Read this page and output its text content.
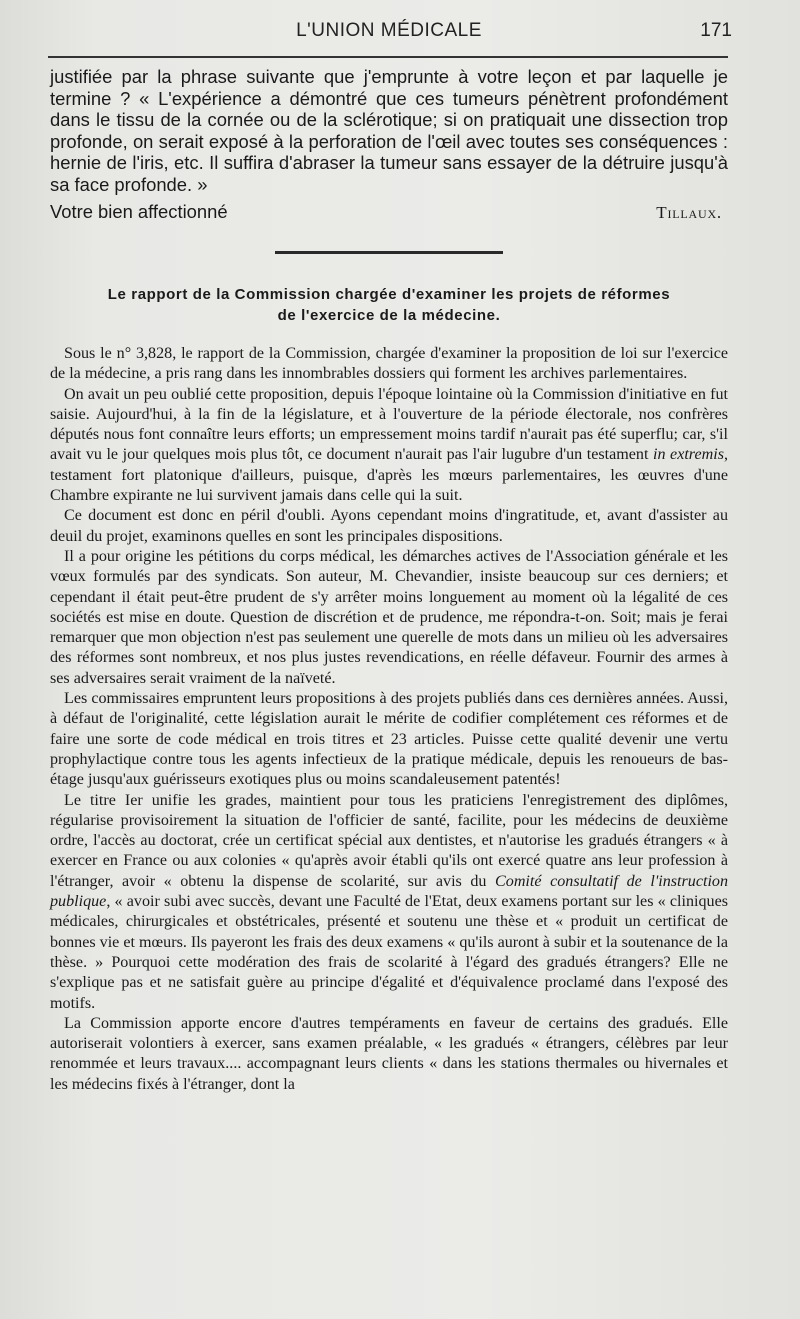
L'UNION MÉDICALE	171

justifiée par la phrase suivante que j'emprunte à votre leçon et par laquelle je termine ? « L'expérience a démontré que ces tumeurs pénètrent profondément dans le tissu de la cornée ou de la sclérotique; si on pratiquait une dissection trop profonde, on serait exposé à la perforation de l'œil avec toutes ses conséquences : hernie de l'iris, etc. Il suffira d'abraser la tumeur sans essayer de la détruire jusqu'à sa face profonde. »

Votre bien affectionné	Tillaux.
Le rapport de la Commission chargée d'examiner les projets de réformes
de l'exercice de la médecine.

Sous le n° 3,828, le rapport de la Commission, chargée d'examiner la proposition de loi sur l'exercice de la médecine, a pris rang dans les innombrables dossiers qui forment les archives parlementaires.

On avait un peu oublié cette proposition, depuis l'époque lointaine où la Commission d'initiative en fut saisie. Aujourd'hui, à la fin de la législature, et à l'ouverture de la période électorale, nos confrères députés nous font connaître leurs efforts; un empressement moins tardif n'aurait pas été superflu; car, s'il avait vu le jour quelques mois plus tôt, ce document n'aurait pas l'air lugubre d'un testament in extremis, testament fort platonique d'ailleurs, puisque, d'après les mœurs parlementaires, les œuvres d'une Chambre expirante ne lui survivent jamais dans celle qui la suit.

Ce document est donc en péril d'oubli. Ayons cependant moins d'ingratitude, et, avant d'assister au deuil du projet, examinons quelles en sont les principales dispositions.

Il a pour origine les pétitions du corps médical, les démarches actives de l'Association générale et les vœux formulés par des syndicats. Son auteur, M. Chevandier, insiste beaucoup sur ces derniers; et cependant il était peut-être prudent de s'y arrêter moins longuement au moment où la légalité de ces sociétés est mise en doute. Question de discrétion et de prudence, me répondra-t-on. Soit; mais je ferai remarquer que mon objection n'est pas seulement une querelle de mots dans un milieu où les adversaires des réformes sont nombreux, et nos plus justes revendications, en réelle défaveur. Fournir des armes à ses adversaires serait vraiment de la naïveté.

Les commissaires empruntent leurs propositions à des projets publiés dans ces dernières années. Aussi, à défaut de l'originalité, cette législation aurait le mérite de codifier complétement ces réformes et de faire une sorte de code médical en trois titres et 23 articles. Puisse cette qualité devenir une vertu prophylactique contre tous les agents infectieux de la pratique médicale, depuis les renoueurs de bas-étage jusqu'aux guérisseurs exotiques plus ou moins scandaleusement patentés!

Le titre Ier unifie les grades, maintient pour tous les praticiens l'enregistrement des diplômes, régularise provisoirement la situation de l'officier de santé, facilite, pour les médecins de deuxième ordre, l'accès au doctorat, crée un certificat spécial aux dentistes, et n'autorise les gradués étrangers « à exercer en France ou aux colonies « qu'après avoir établi qu'ils ont exercé quatre ans leur profession à l'étranger, avoir « obtenu la dispense de scolarité, sur avis du Comité consultatif de l'instruction publique, « avoir subi avec succès, devant une Faculté de l'Etat, deux examens portant sur les « cliniques médicales, chirurgicales et obstétricales, présenté et soutenu une thèse et « produit un certificat de bonnes vie et mœurs. Ils payeront les frais des deux examens « qu'ils auront à subir et la soutenance de la thèse. » Pourquoi cette modération des frais de scolarité à l'égard des gradués étrangers? Elle ne s'explique pas et ne satisfait guère au principe d'égalité et d'équivalence proclamé dans l'exposé des motifs.

La Commission apporte encore d'autres tempéraments en faveur de certains des gradués. Elle autoriserait volontiers à exercer, sans examen préalable, « les gradués « étrangers, célèbres par leur renommée et leurs travaux.... accompagnant leurs clients « dans les stations thermales ou hivernales et les médecins fixés à l'étranger, dont la
